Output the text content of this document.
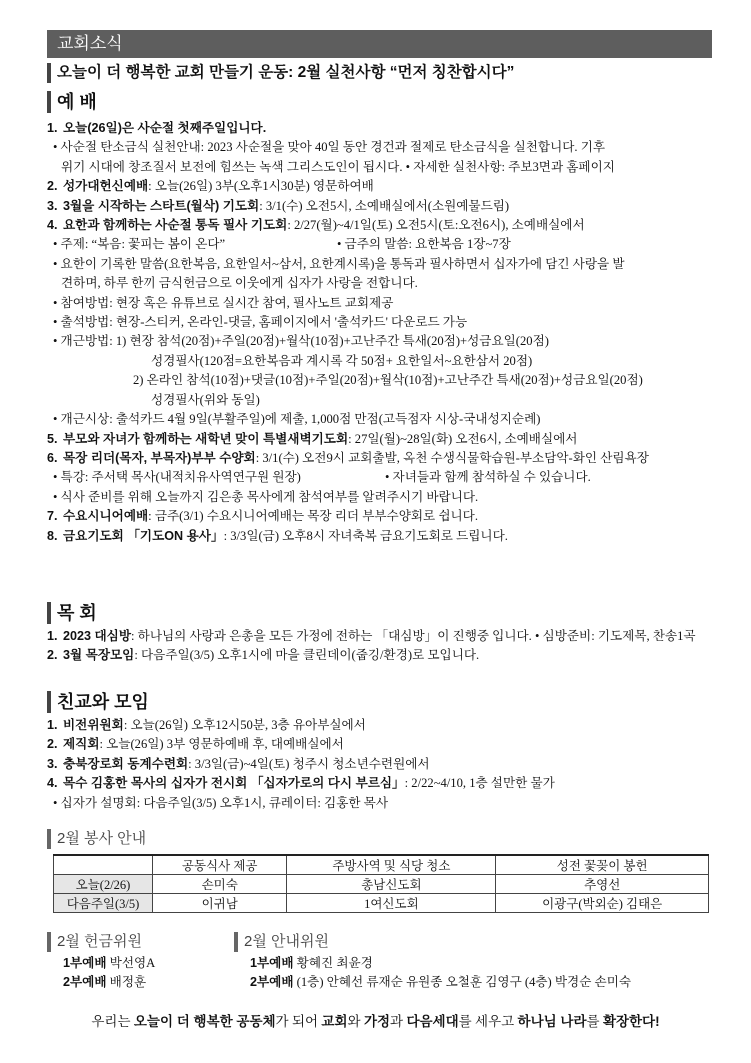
교회소식
오늘이 더 행복한 교회 만들기 운동: 2월 실천사항 “먼저 칭찬합시다”
예 배
1. 오늘(26일)은 사순절 첫째주일입니다.
• 사순절 탄소금식 실천안내: 2023 사순절을 맞아 40일 동안 경건과 절제로 탄소금식을 실천합니다. 기후
위기 시대에 창조질서 보전에 힘쓰는 녹색 그리스도인이 됩시다. • 자세한 실천사항: 주보3면과 홈페이지
2. 성가대헌신예배: 오늘(26일) 3부(오후1시30분) 영문하여배
3. 3월을 시작하는 스타트(월삭) 기도회: 3/1(수) 오전5시, 소예배실에서(소원예물드림)
4. 요한과 함께하는 사순절 통독 필사 기도회: 2/27(월)~4/1일(토) 오전5시(토:오전6시), 소예배실에서
• 주제: “복음: 꽃피는 봄이 온다”	• 금주의 말씀: 요한복음 1장~7장
• 요한이 기록한 말씀(요한복음, 요한일서~삼서, 요한계시록)을 통독과 필사하면서 십자가에 담긴 사랑을 발
견하며, 하루 한끼 금식헌금으로 이웃에게 십자가 사랑을 전합니다.
• 참여방법: 현장 혹은 유튜브로 실시간 참여, 필사노트 교회제공
• 출석방법: 현장-스티커, 온라인-댓글, 홈페이지에서 '출석카드' 다운로드 가능
• 개근방법: 1) 현장 참석(20점)+주일(20점)+월삭(10점)+고난주간 특새(20점)+성금요일(20점)
성경필사(120점=요한복음과 계시록 각 50점+ 요한일서~요한삼서 20점)
2) 온라인 참석(10점)+댓글(10점)+주일(20점)+월삭(10점)+고난주간 특새(20점)+성금요일(20점)
성경필사(위와 동일)
• 개근시상: 출석카드 4월 9일(부활주일)에 제출, 1,000점 만점(고득점자 시상-국내성지순례)
5. 부모와 자녀가 함께하는 새학년 맞이 특별새벽기도회: 27일(월)~28일(화) 오전6시, 소예배실에서
6. 목장 리더(목자, 부목자)부부 수양회: 3/1(수) 오전9시 교회출발, 옥천 수생식물학습원-부소담악-화인 산림욕장
• 특강: 주서택 목사(내적치유사역연구원 원장)	• 자녀들과 함께 참석하실 수 있습니다.
• 식사 준비를 위해 오늘까지 김은총 목사에게 참석여부를 알려주시기 바랍니다.
7. 수요시니어예배: 금주(3/1) 수요시니어예배는 목장 리더 부부수양회로 쉽니다.
8. 금요기도회 「기도ON 용사」: 3/3일(금) 오후8시 자녀축복 금요기도회로 드립니다.
목 회
1. 2023 대심방: 하나님의 사랑과 은총을 모든 가정에 전하는 「대심방」이 진행중 입니다. • 심방준비: 기도제목, 찬송1곡
2. 3월 목장모임: 다음주일(3/5) 오후1시에 마을 클린데이(줍깅/환경)로 모입니다.
친교와 모임
1. 비전위원회: 오늘(26일) 오후12시50분, 3층 유아부실에서
2. 제직회: 오늘(26일) 3부 영문하예배 후, 대예배실에서
3. 충북장로회 동계수련회: 3/3일(금)~4일(토) 청주시 청소년수련원에서
4. 목수 김홍한 목사의 십자가 전시회 「십자가로의 다시 부르심」: 2/22~4/10, 1층 설만한 물가
• 십자가 설명회: 다음주일(3/5) 오후1시, 큐레이터: 김홍한 목사
2월 봉사 안내
	공동식사 제공	주방사역 및 식당 청소	성전 꽃꽂이 봉헌
오늘(2/26)	손미숙	총남신도회	추영선
다음주일(3/5)	이귀남	1여신도회	이광구(박외순) 김태은
2월 헌금위원
1부예배 박선영A
2부예배 배정훈
2월 안내위원
1부예배 황혜진 최윤경
2부예배 (1층) 안혜선 류재순 유원종 오철훈 김영구 (4층) 박경순 손미숙
우리는 오늘이 더 행복한 공동체가 되어 교회와 가정과 다음세대를 세우고 하나님 나라를 확장한다!
